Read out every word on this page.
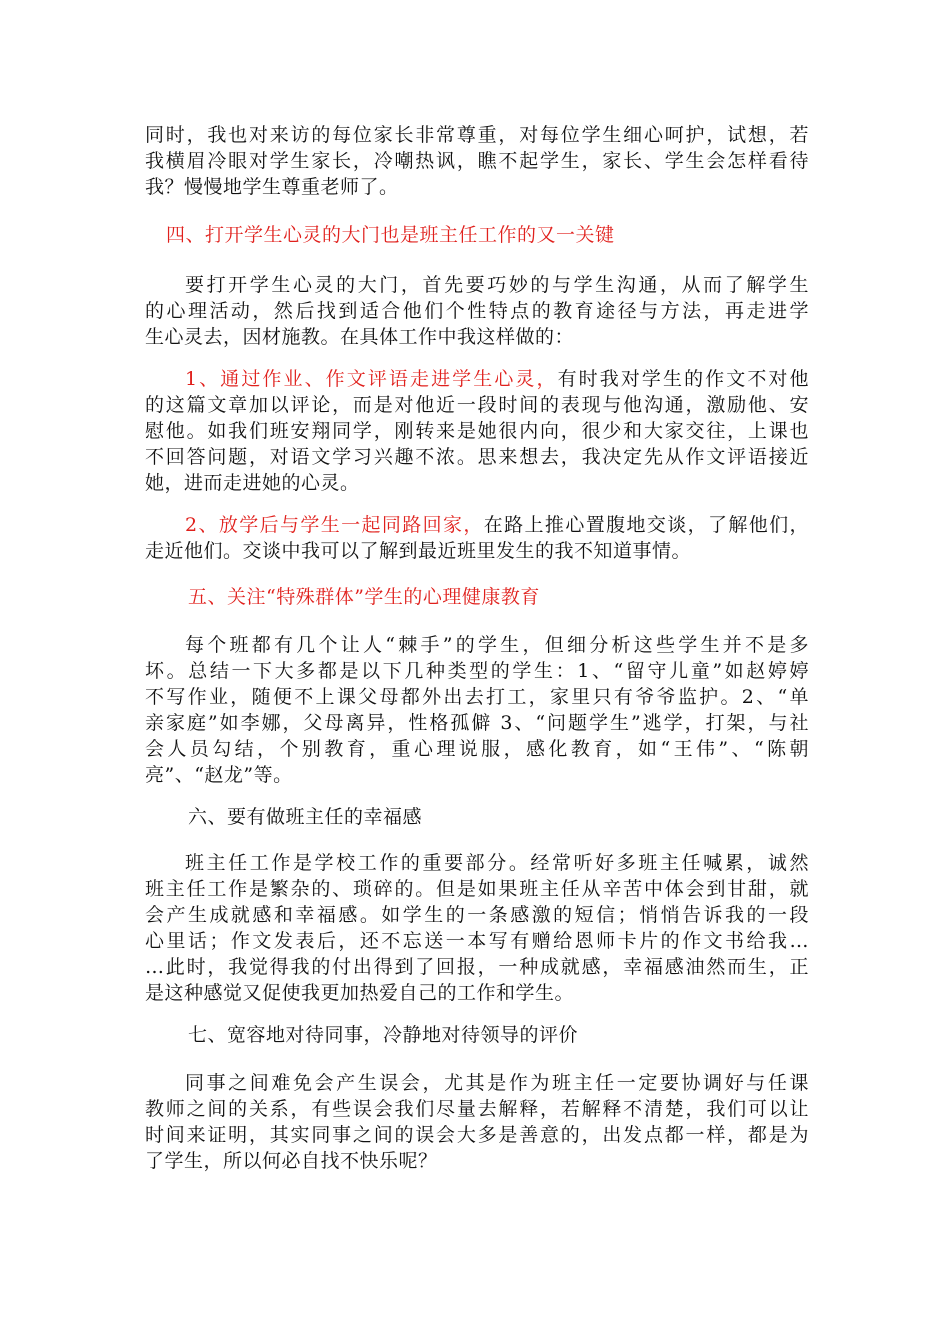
同时，我也对来访的每位家长非常尊重，对每位学生细心呵护，试想，若
我横眉冷眼对学生家长，冷嘲热讽，瞧不起学生，家长、学生会怎样看待
我？慢慢地学生尊重老师了。
四、打开学生心灵的大门也是班主任工作的又一关键
要打开学生心灵的大门，首先要巧妙的与学生沟通，从而了解学生
的心理活动，然后找到适合他们个性特点的教育途径与方法，再走进学
生心灵去，因材施教。在具体工作中我这样做的：
1、通过作业、作文评语走进学生心灵，有时我对学生的作文不对他
的这篇文章加以评论，而是对他近一段时间的表现与他沟通，激励他、安
慰他。如我们班安翔同学，刚转来是她很内向，很少和大家交往，上课也
不回答问题，对语文学习兴趣不浓。思来想去，我决定先从作文评语接近
她，进而走进她的心灵。
2、放学后与学生一起同路回家，在路上推心置腹地交谈，了解他们，
走近他们。交谈中我可以了解到最近班里发生的我不知道事情。
五、关注“特殊群体”学生的心理健康教育
每个班都有几个让人“棘手”的学生，但细分析这些学生并不是多
坏。总结一下大多都是以下几种类型的学生：1、“留守儿童”如赵婷婷
不写作业，随便不上课父母都外出去打工，家里只有爷爷监护。2、“单
亲家庭”如李娜，父母离异，性格孤僻 3、“问题学生”逃学，打架，与社
会人员勾结，个别教育，重心理说服，感化教育，如“王伟”、“陈朝
亮”、“赵龙”等。
六、要有做班主任的幸福感
班主任工作是学校工作的重要部分。经常听好多班主任喊累，诚然
班主任工作是繁杂的、琐碎的。但是如果班主任从辛苦中体会到甘甜，就
会产生成就感和幸福感。如学生的一条感激的短信；悄悄告诉我的一段
心里话；作文发表后，还不忘送一本写有赠给恩师卡片的作文书给我…
…此时，我觉得我的付出得到了回报，一种成就感，幸福感油然而生，正
是这种感觉又促使我更加热爱自己的工作和学生。
七、宽容地对待同事，冷静地对待领导的评价
同事之间难免会产生误会，尤其是作为班主任一定要协调好与任课
教师之间的关系，有些误会我们尽量去解释，若解释不清楚，我们可以让
时间来证明，其实同事之间的误会大多是善意的，出发点都一样，都是为
了学生，所以何必自找不快乐呢？
